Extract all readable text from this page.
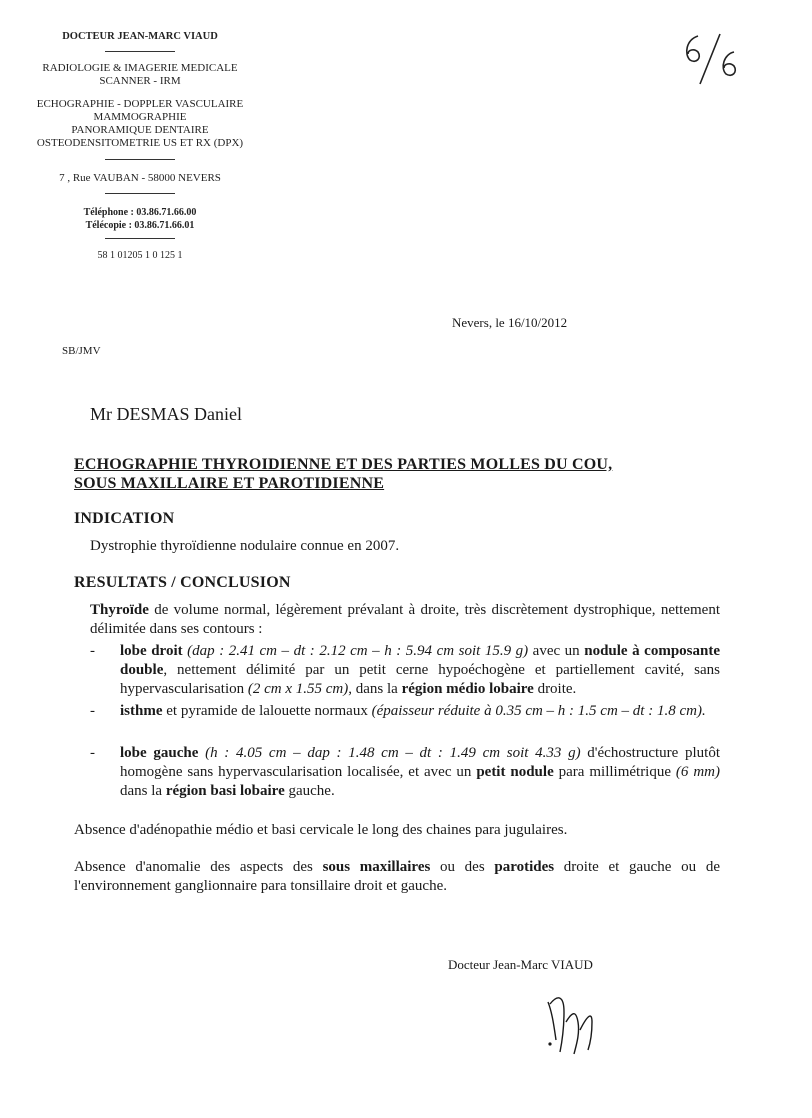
DOCTEUR JEAN-MARC VIAUD
RADIOLOGIE & IMAGERIE MEDICALE
SCANNER - IRM
ECHOGRAPHIE - DOPPLER VASCULAIRE
MAMMOGRAPHIE
PANORAMIQUE DENTAIRE
OSTEODENSITOMETRIE US ET RX (DPX)
7 , Rue VAUBAN - 58000 NEVERS
Téléphone : 03.86.71.66.00
Télécopie : 03.86.71.66.01
58 1 01205 1 0 125 1
Nevers, le 16/10/2012
SB/JMV
Mr DESMAS Daniel
ECHOGRAPHIE THYROIDIENNE ET DES PARTIES MOLLES DU COU,
SOUS MAXILLAIRE ET PAROTIDIENNE
INDICATION
Dystrophie thyroïdienne nodulaire connue en 2007.
RESULTATS / CONCLUSION
Thyroïde de volume normal, légèrement prévalant à droite, très discrètement dystrophique, nettement délimitée dans ses contours :
- lobe droit (dap : 2.41 cm – dt : 2.12 cm – h : 5.94 cm soit 15.9 g) avec un nodule à composante double, nettement délimité par un petit cerne hypoéchogène et partiellement cavité, sans hypervascularisation (2 cm x 1.55 cm), dans la région médio lobaire droite.
- isthme et pyramide de lalouette normaux (épaisseur réduite à 0.35 cm – h : 1.5 cm – dt : 1.8 cm).
- lobe gauche (h : 4.05 cm – dap : 1.48 cm – dt : 1.49 cm soit 4.33 g) d'échostructure plutôt homogène sans hypervascularisation localisée, et avec un petit nodule para millimétrique (6 mm) dans la région basi lobaire gauche.
Absence d'adénopathie médio et basi cervicale le long des chaines para jugulaires.
Absence d'anomalie des aspects des sous maxillaires ou des parotides droite et gauche ou de l'environnement ganglionnaire para tonsillaire droit et gauche.
Docteur Jean-Marc VIAUD
